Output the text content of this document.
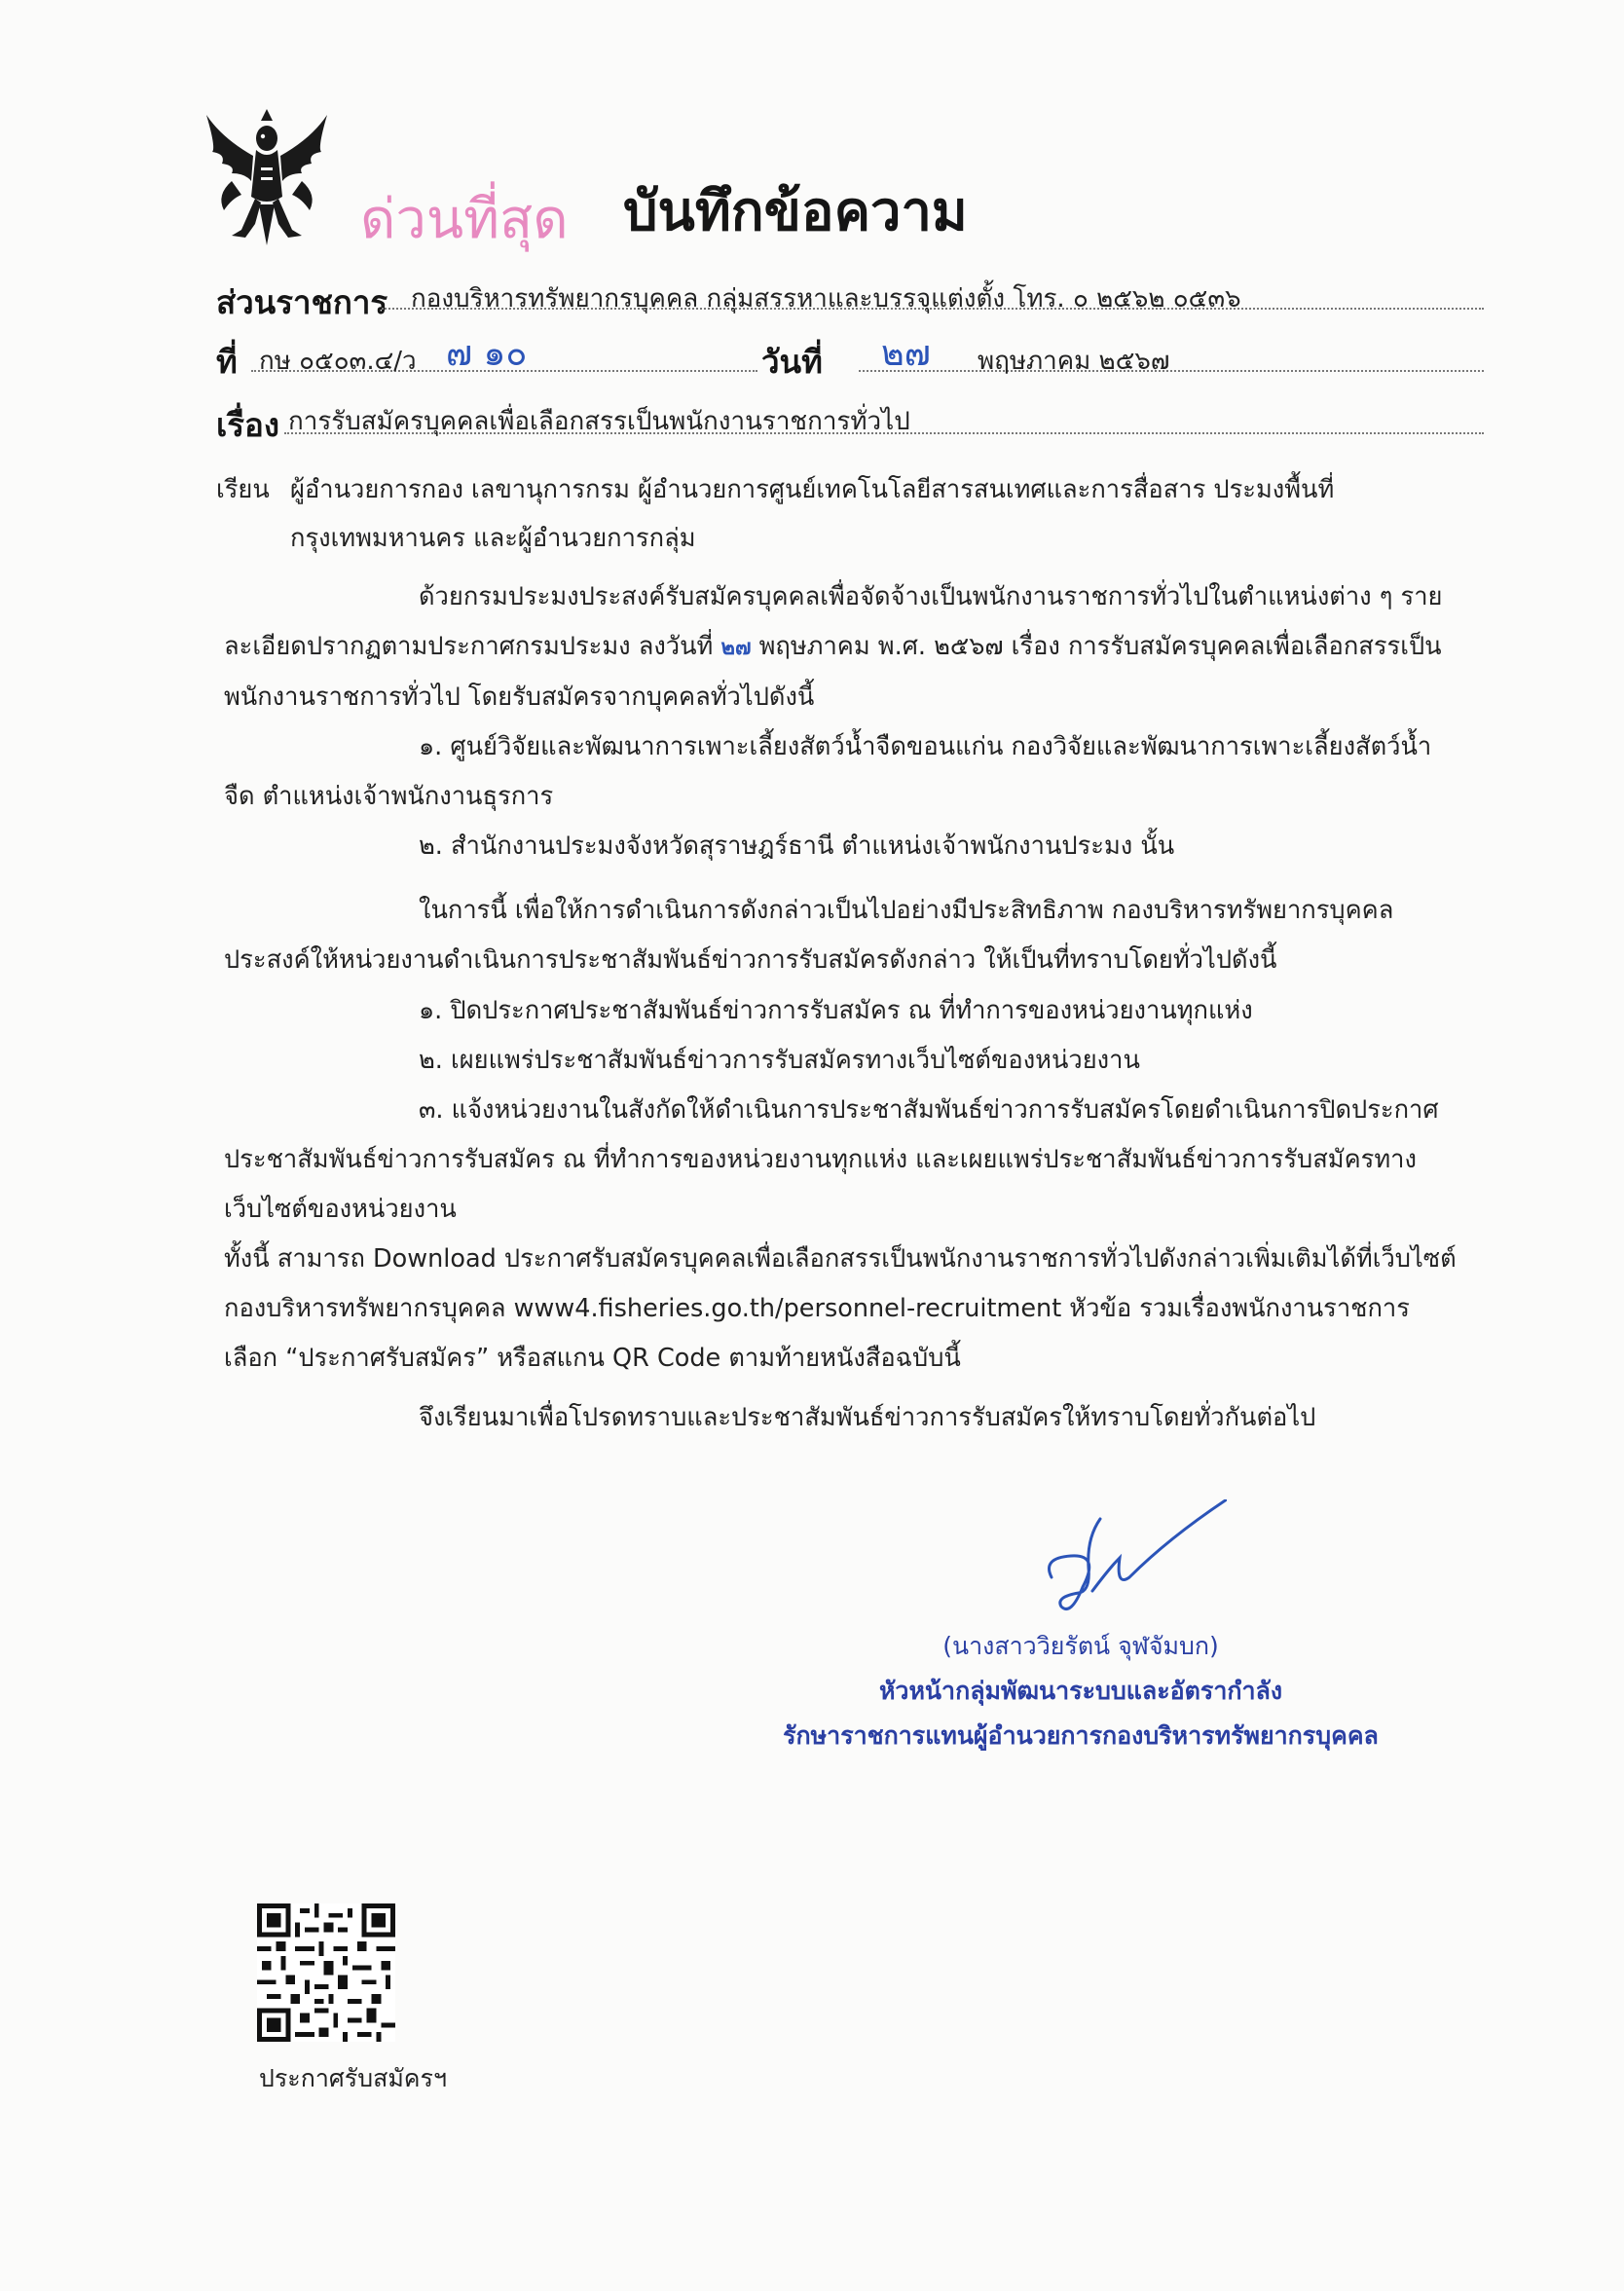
ด่วนที่สุด บันทึกข้อความ
ส่วนราชการ กองบริหารทรัพยากรบุคคล กลุ่มสรรหาและบรรจุแต่งตั้ง โทร. ๐ ๒๕๖๒ ๐๕๓๖
ที่ กษ ๐๕๐๓.๔/ว ๗ ๑๐	วันที่ ๒๗ พฤษภาคม ๒๕๖๗
เรื่อง การรับสมัครบุคคลเพื่อเลือกสรรเป็นพนักงานราชการทั่วไป
เรียน ผู้อำนวยการกอง เลขานุการกรม ผู้อำนวยการศูนย์เทคโนโลยีสารสนเทศและการสื่อสาร ประมงพื้นที่
กรุงเทพมหานคร และผู้อำนวยการกลุ่ม
ด้วยกรมประมงประสงค์รับสมัครบุคคลเพื่อจัดจ้างเป็นพนักงานราชการทั่วไปในตำแหน่งต่าง ๆ รายละเอียดปรากฏตามประกาศกรมประมง ลงวันที่ ๒๗ พฤษภาคม พ.ศ. ๒๕๖๗ เรื่อง การรับสมัครบุคคลเพื่อเลือกสรรเป็นพนักงานราชการทั่วไป โดยรับสมัครจากบุคคลทั่วไปดังนี้
๑. ศูนย์วิจัยและพัฒนาการเพาะเลี้ยงสัตว์น้ำจืดขอนแก่น กองวิจัยและพัฒนาการเพาะเลี้ยงสัตว์น้ำจืด ตำแหน่งเจ้าพนักงานธุรการ
๒. สำนักงานประมงจังหวัดสุราษฎร์ธานี ตำแหน่งเจ้าพนักงานประมง นั้น
ในการนี้ เพื่อให้การดำเนินการดังกล่าวเป็นไปอย่างมีประสิทธิภาพ กองบริหารทรัพยากรบุคคลประสงค์ให้หน่วยงานดำเนินการประชาสัมพันธ์ข่าวการรับสมัครดังกล่าว ให้เป็นที่ทราบโดยทั่วไปดังนี้
๑. ปิดประกาศประชาสัมพันธ์ข่าวการรับสมัคร ณ ที่ทำการของหน่วยงานทุกแห่ง
๒. เผยแพร่ประชาสัมพันธ์ข่าวการรับสมัครทางเว็บไซต์ของหน่วยงาน
๓. แจ้งหน่วยงานในสังกัดให้ดำเนินการประชาสัมพันธ์ข่าวการรับสมัครโดยดำเนินการปิดประกาศประชาสัมพันธ์ข่าวการรับสมัคร ณ ที่ทำการของหน่วยงานทุกแห่ง และเผยแพร่ประชาสัมพันธ์ข่าวการรับสมัครทางเว็บไซต์ของหน่วยงาน
ทั้งนี้ สามารถ Download ประกาศรับสมัครบุคคลเพื่อเลือกสรรเป็นพนักงานราชการทั่วไปดังกล่าวเพิ่มเติมได้ที่เว็บไซต์กองบริหารทรัพยากรบุคคล www4.fisheries.go.th/personnel-recruitment หัวข้อ รวมเรื่องพนักงานราชการ เลือก “ประกาศรับสมัคร” หรือสแกน QR Code ตามท้ายหนังสือฉบับนี้
จึงเรียนมาเพื่อโปรดทราบและประชาสัมพันธ์ข่าวการรับสมัครให้ทราบโดยทั่วกันต่อไป
(นางสาววิยรัตน์ จุฬจัมบก)
หัวหน้ากลุ่มพัฒนาระบบและอัตรากำลัง
รักษาราชการแทนผู้อำนวยการกองบริหารทรัพยากรบุคคล
ประกาศรับสมัครฯ
